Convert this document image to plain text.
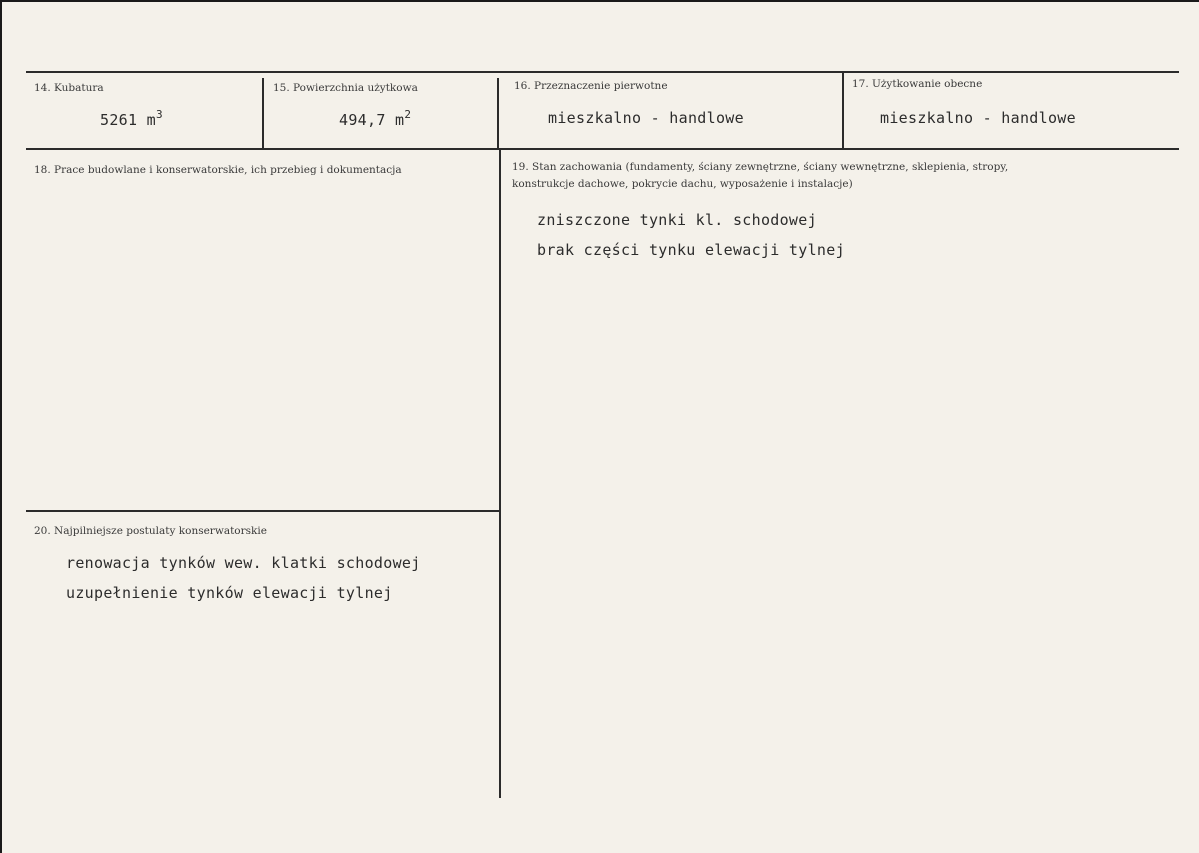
14. Kubatura
5261 $m^3$
15. Powierzchnia użytkowa
494,7 $m^2$
16. Przeznaczenie pierwotne
mieszkalno - handlowe
17. Użytkowanie obecne
mieszkalno - handlowe
18. Prace budowlane i konserwatorskie, ich przebieg i dokumentacja	19. Stan zachowania (fundamenty, ściany zewnętrzne, ściany wewnętrzne, sklepienia, stropy,
konstrukcje dachowe, pokrycie dachu, wyposażenie i instalacje)
zniszczone tynki kl. schodowej
brak części tynku elewacji tylnej
20. Najpilniejsze postulaty konserwatorskie
renowacja tynków wew. klatki schodowej
uzupełnienie tynków elewacji tylnej
